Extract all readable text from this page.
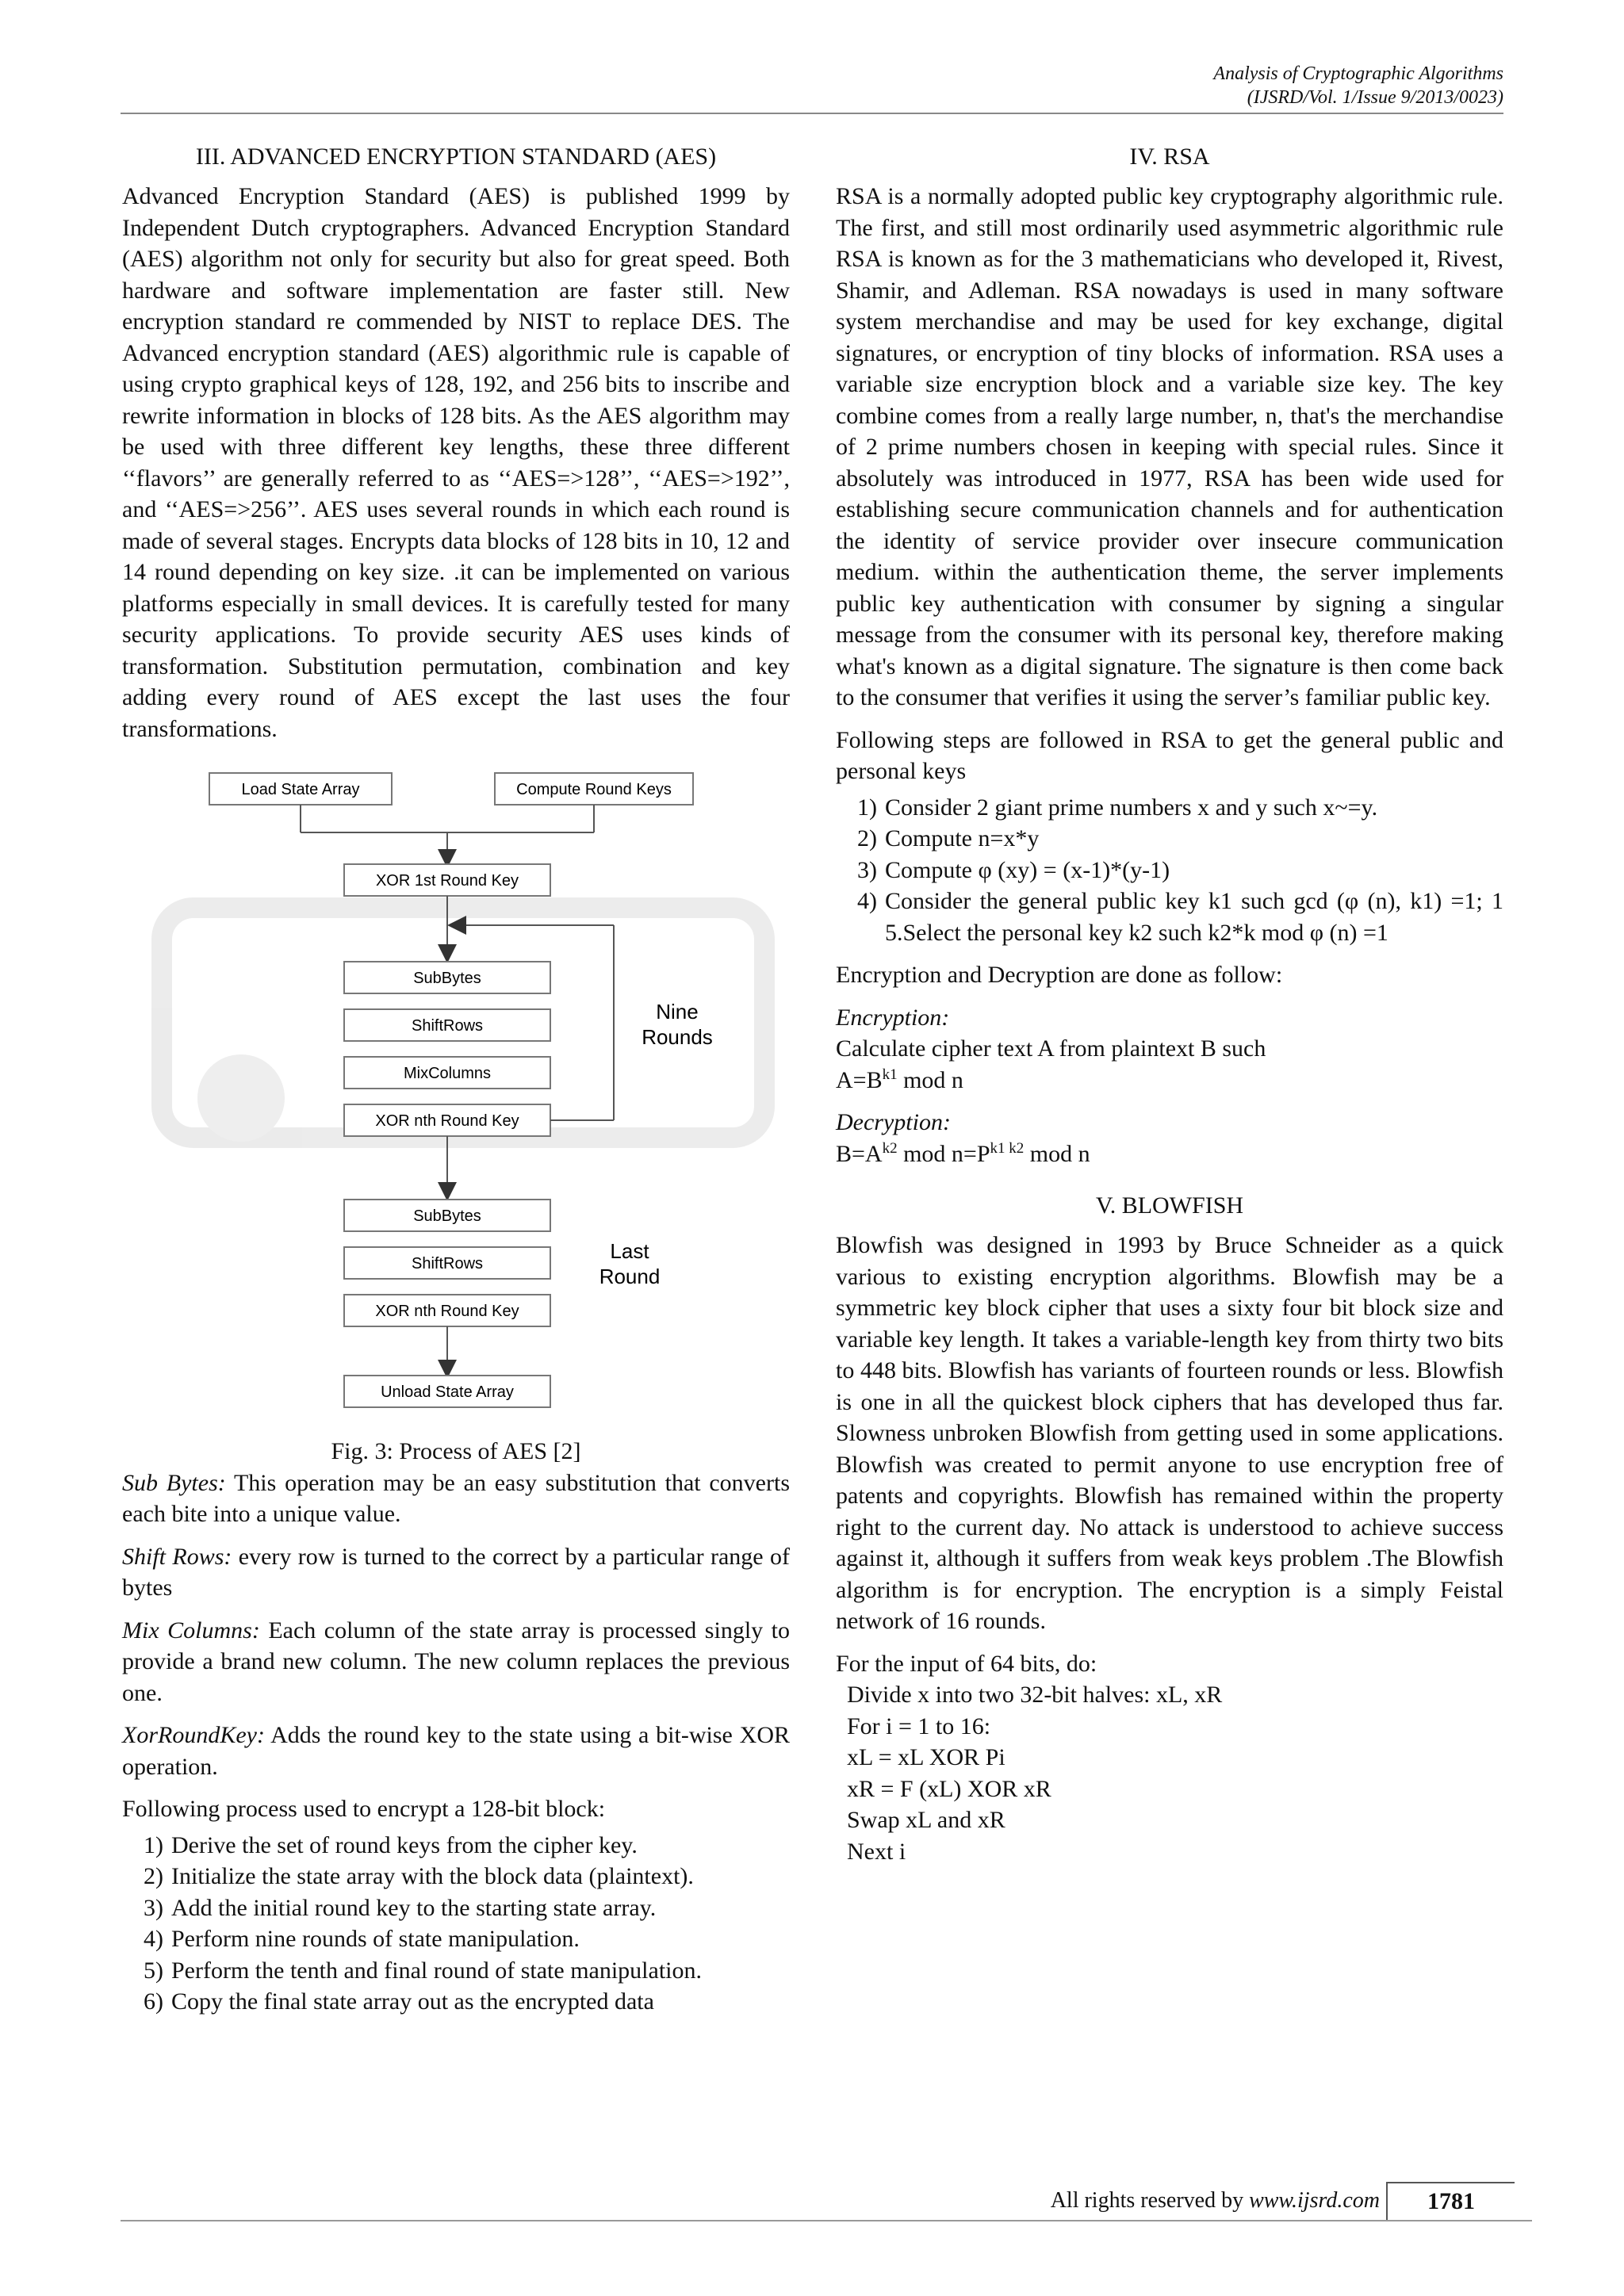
Analysis of Cryptographic Algorithms
(IJSRD/Vol. 1/Issue 9/2013/0023)
III. ADVANCED ENCRYPTION STANDARD (AES)

Advanced Encryption Standard (AES) is published 1999 by Independent Dutch cryptographers. Advanced Encryption Standard (AES) algorithm not only for security but also for great speed. Both hardware and software implementation are faster still. New encryption standard re commended by NIST to replace DES. The Advanced encryption standard (AES) algorithmic rule is capable of using crypto graphical keys of 128, 192, and 256 bits to inscribe and rewrite information in blocks of 128 bits. As the AES algorithm may be used with three different key lengths, these three different ‘‘flavors’’ are generally referred to as ‘‘AES=>128’’, ‘‘AES=>192’’, and ‘‘AES=>256’’. AES uses several rounds in which each round is made of several stages. Encrypts data blocks of 128 bits in 10, 12 and 14 round depending on key size. .it can be implemented on various platforms especially in small devices. It is carefully tested for many security applications. To provide security AES uses kinds of transformation. Substitution permutation, combination and key adding every round of AES except the last uses the four transformations.

Load State Array	Compute Round Keys
XOR 1st Round Key
SubBytes
ShiftRows
MixColumns
XOR nth Round Key
Nine
Rounds
SubBytes
ShiftRows
XOR nth Round Key
Last
Round
Unload State Array
Fig. 3: Process of AES [2]

Sub Bytes: This operation may be an easy substitution that converts each bite into a unique value.

Shift Rows: every row is turned to the correct by a particular range of bytes

Mix Columns: Each column of the state array is processed singly to provide a brand new column. The new column replaces the previous one.

XorRoundKey: Adds the round key to the state using a bit-wise XOR operation.

Following process used to encrypt a 128-bit block:

1) Derive the set of round keys from the cipher key.
2) Initialize the state array with the block data (plaintext).
3) Add the initial round key to the starting state array.
4) Perform nine rounds of state manipulation.
5) Perform the tenth and final round of state manipulation.
6) Copy the final state array out as the encrypted data
IV. RSA

RSA is a normally adopted public key cryptography algorithmic rule. The first, and still most ordinarily used asymmetric algorithmic rule RSA is known as for the 3 mathematicians who developed it, Rivest, Shamir, and Adleman. RSA nowadays is used in many software system merchandise and may be used for key exchange, digital signatures, or encryption of tiny blocks of information. RSA uses a variable size encryption block and a variable size key. The key combine comes from a really large number, n, that's the merchandise of 2 prime numbers chosen in keeping with special rules. Since it absolutely was introduced in 1977, RSA has been wide used for establishing secure communication channels and for authentication the identity of service provider over insecure communication medium. within the authentication theme, the server implements public key authentication with consumer by signing a singular message from the consumer with its personal key, therefore making what's known as a digital signature. The signature is then come back to the consumer that verifies it using the server’s familiar public key.

Following steps are followed in RSA to get the general public and personal keys

1) Consider 2 giant prime numbers x and y such x~=y.
2) Compute n=x*y
3) Compute φ (xy) = (x-1)*(y-1)
4) Consider the general public key k1 such gcd (φ (n), k1) =1; 1 5.Select the personal key k2 such k2*k mod φ (n) =1

Encryption and Decryption are done as follow:

Encryption:
Calculate cipher text A from plaintext B such
$A=B^{k1}$ mod n
Decryption:
$B=A^{k2}$ mod $n=P^{k1 k2}$ mod n
V. BLOWFISH

Blowfish was designed in 1993 by Bruce Schneider as a quick various to existing encryption algorithms. Blowfish may be a symmetric key block cipher that uses a sixty four bit block size and variable key length. It takes a variable-length key from thirty two bits to 448 bits. Blowfish has variants of fourteen rounds or less. Blowfish is one in all the quickest block ciphers that has developed thus far. Slowness unbroken Blowfish from getting used in some applications. Blowfish was created to permit anyone to use encryption free of patents and copyrights. Blowfish has remained within the property right to the current day. No attack is understood to achieve success against it, although it suffers from weak keys problem .The Blowfish algorithm is for encryption. The encryption is a simply Feistal network of 16 rounds.

For the input of 64 bits, do:

Divide x into two 32-bit halves: xL, xR
For i = 1 to 16:
xL = xL XOR Pi
xR = F (xL) XOR xR
Swap xL and xR
Next i
All rights reserved by www.ijsrd.com	1781
